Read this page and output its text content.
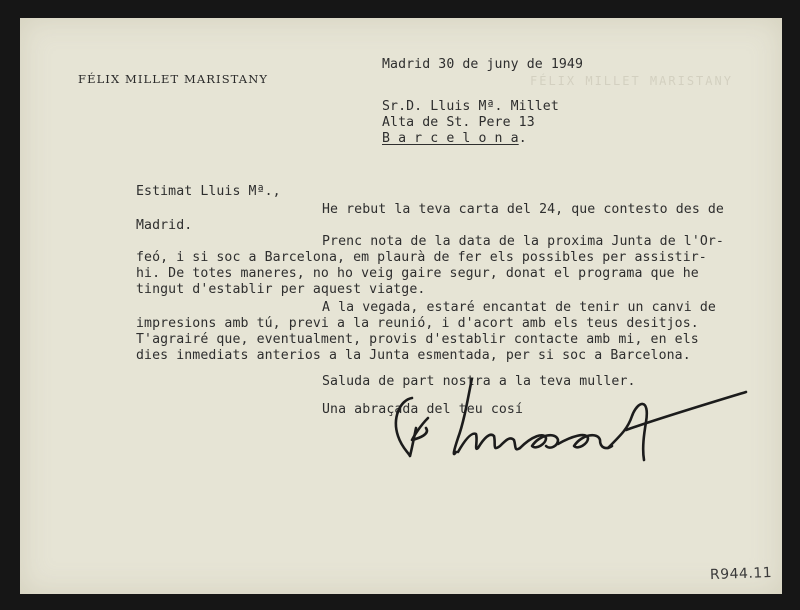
FÉLIX MILLET MARISTANY

FÉLIX MILLET MARISTANY

Madrid 30 de juny de 1949

Sr.D. Lluis Mª. Millet

Alta de St. Pere 13

B a r c e l o n a.

Estimat Lluis Mª.,

He rebut la teva carta del 24, que contesto des de

Madrid.

Prenc nota de la data de la proxima Junta de l'Or-

feó, i si soc a Barcelona, em plaurà de fer els possibles per assistir-

hi. De totes maneres, no ho veig gaire segur, donat el programa que he

tingut d'establir per aquest viatge.

A la vegada, estaré encantat de tenir un canvi de

impresions amb tú, previ a la reunió, i d'acort amb els teus desitjos.

T'agrairé que, eventualment, provis d'establir contacte amb mi, en els

dies inmediats anterios a la Junta esmentada, per si soc a Barcelona.

Saluda de part nostra a la teva muller.

Una abraçada del teu cosí

R944.11
